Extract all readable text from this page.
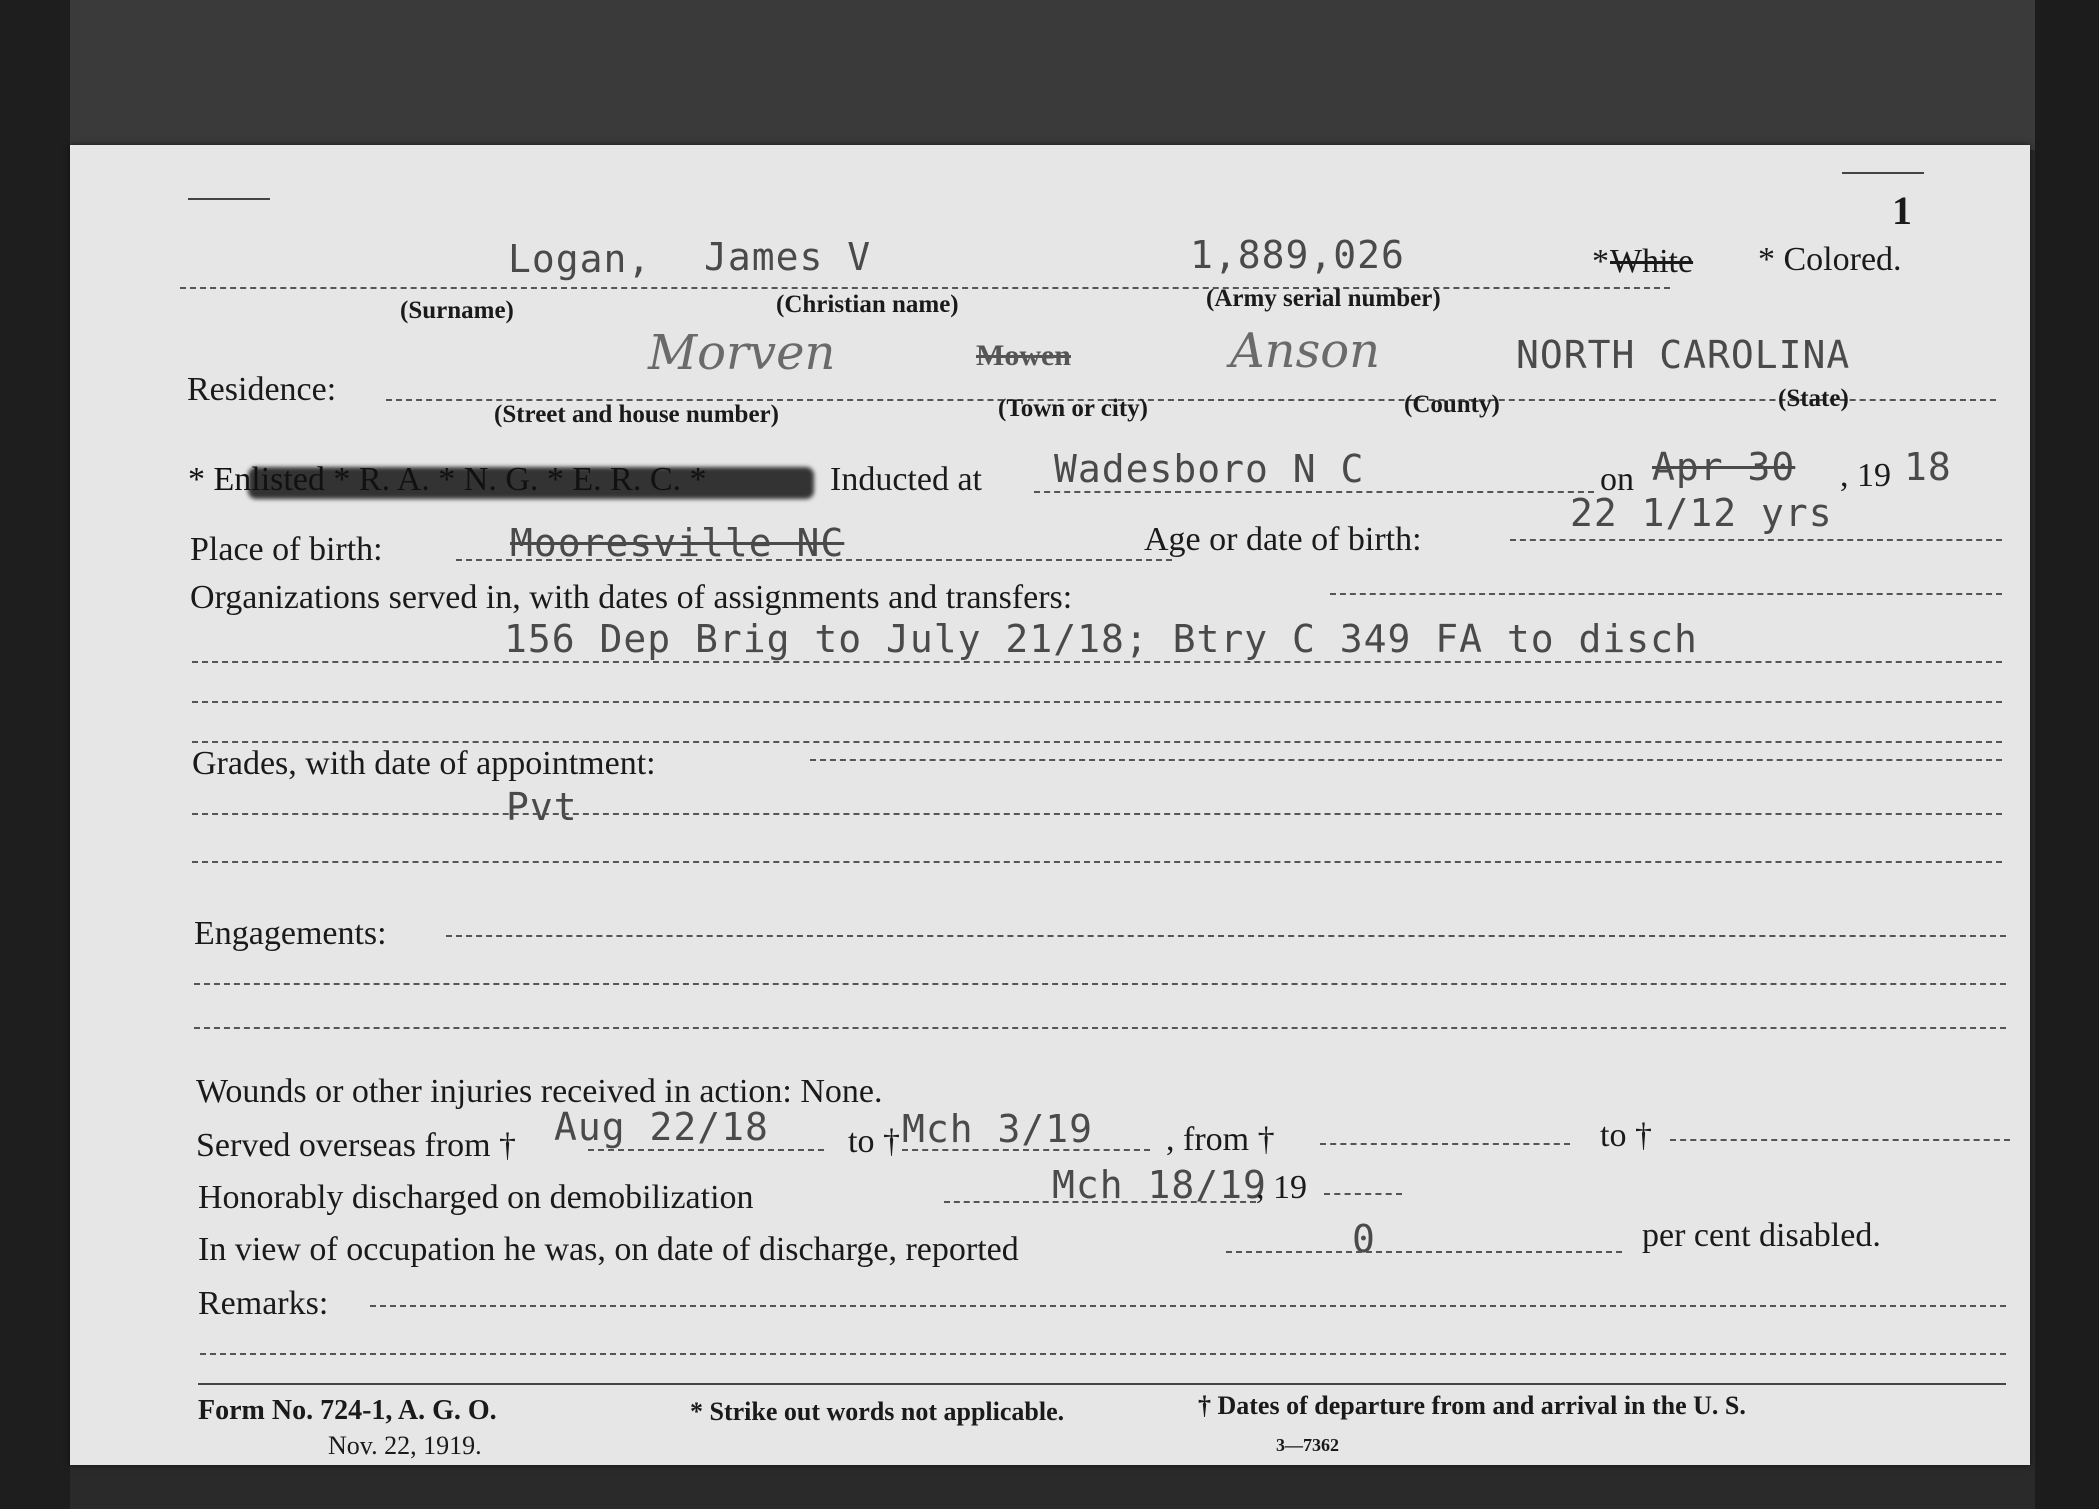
1
Logan, James V	1,889,026	* White * Colored.
(Surname)	(Christian name)	(Army serial number)
Residence:
Morven	Mowen	Anson	NORTH CAROLINA
(Street and house number)	(Town or city)	(County)	(State)
* Enlisted * R. A. * N. G. * E. R. C. *	Inducted at Wadesboro N C	on Apr 30 , 19 18
Place of birth:	Mooresville NC	Age or date of birth:
22 1/12 yrs
Organizations served in, with dates of assignments and transfers:
156 Dep Brig to July 21/18; Btry C 349 FA to disch
Grades, with date of appointment:
Pvt
Engagements:
Wounds or other injuries received in action: None.
Served overseas from † Aug 22/18 to † Mch 3/19 , from †	to †
Honorably discharged on demobilization	Mch 18/19
, 19
In view of occupation he was, on date of discharge, reported	0	per cent disabled.
Remarks:
Form No. 724-1, A. G. O.
Nov. 22, 1919.
* Strike out words not applicable.	† Dates of departure from and arrival in the U. S.
3—7362
